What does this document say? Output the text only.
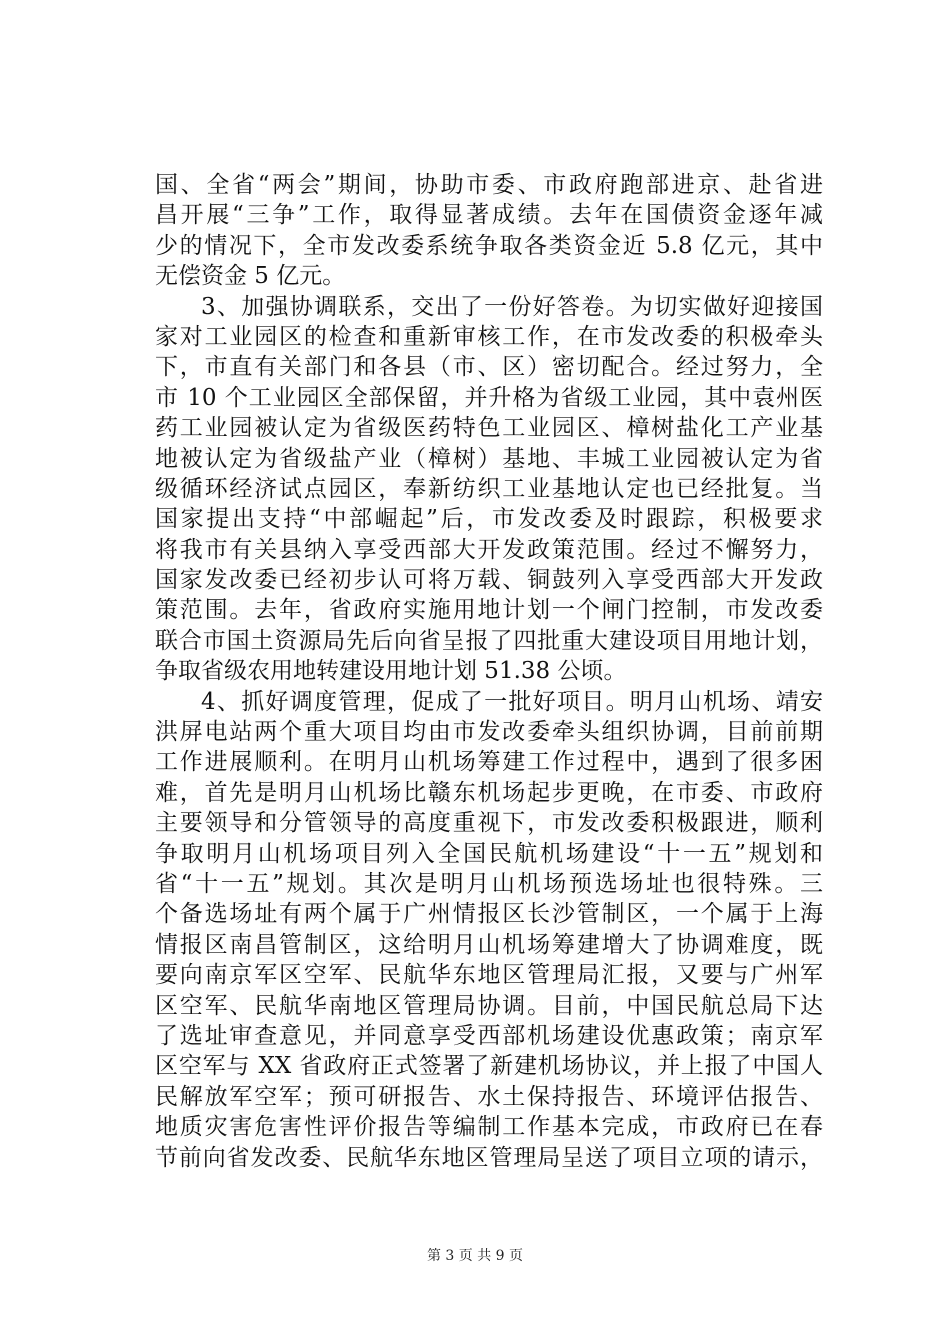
国、全省“两会”期间，协助市委、市政府跑部进京、赴省进
昌开展“三争”工作，取得显著成绩。去年在国债资金逐年减
少的情况下，全市发改委系统争取各类资金近 5.8 亿元，其中
无偿资金 5 亿元。
3、加强协调联系，交出了一份好答卷。为切实做好迎接国
家对工业园区的检查和重新审核工作，在市发改委的积极牵头
下，市直有关部门和各县（市、区）密切配合。经过努力，全
市 10 个工业园区全部保留，并升格为省级工业园，其中袁州医
药工业园被认定为省级医药特色工业园区、樟树盐化工产业基
地被认定为省级盐产业（樟树）基地、丰城工业园被认定为省
级循环经济试点园区，奉新纺织工业基地认定也已经批复。当
国家提出支持“中部崛起”后，市发改委及时跟踪，积极要求
将我市有关县纳入享受西部大开发政策范围。经过不懈努力，
国家发改委已经初步认可将万载、铜鼓列入享受西部大开发政
策范围。去年，省政府实施用地计划一个闸门控制，市发改委
联合市国土资源局先后向省呈报了四批重大建设项目用地计划，
争取省级农用地转建设用地计划 51.38 公顷。
4、抓好调度管理，促成了一批好项目。明月山机场、靖安
洪屏电站两个重大项目均由市发改委牵头组织协调，目前前期
工作进展顺利。在明月山机场筹建工作过程中，遇到了很多困
难，首先是明月山机场比赣东机场起步更晚，在市委、市政府
主要领导和分管领导的高度重视下，市发改委积极跟进，顺利
争取明月山机场项目列入全国民航机场建设“十一五”规划和
省“十一五”规划。其次是明月山机场预选场址也很特殊。三
个备选场址有两个属于广州情报区长沙管制区，一个属于上海
情报区南昌管制区，这给明月山机场筹建增大了协调难度，既
要向南京军区空军、民航华东地区管理局汇报，又要与广州军
区空军、民航华南地区管理局协调。目前，中国民航总局下达
了选址审查意见，并同意享受西部机场建设优惠政策；南京军
区空军与 XX 省政府正式签署了新建机场协议，并上报了中国人
民解放军空军；预可研报告、水土保持报告、环境评估报告、
地质灾害危害性评价报告等编制工作基本完成，市政府已在春
节前向省发改委、民航华东地区管理局呈送了项目立项的请示，
第 3 页 共 9 页
